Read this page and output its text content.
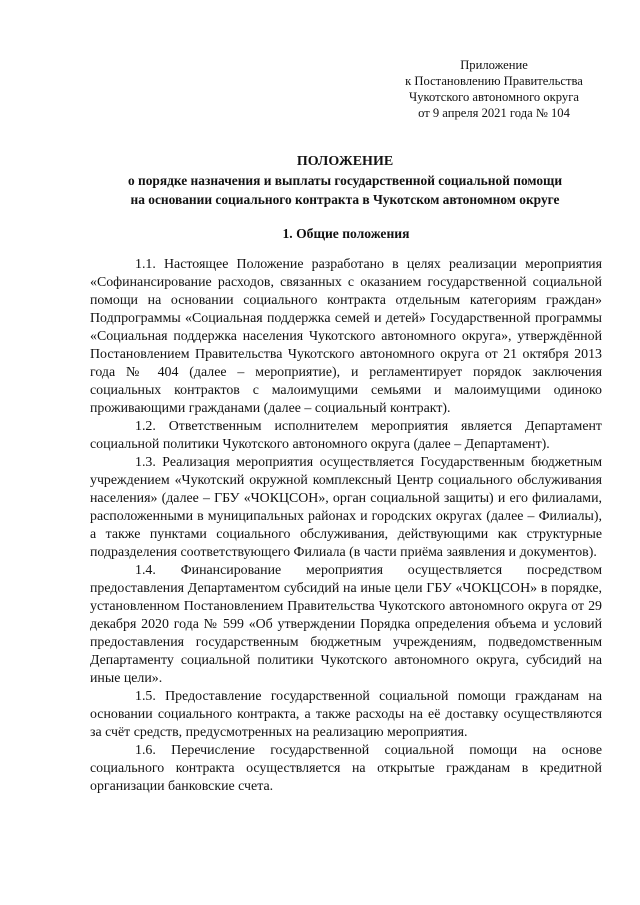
Приложение
к Постановлению Правительства
Чукотского автономного округа
от 9 апреля 2021 года № 104
ПОЛОЖЕНИЕ
о порядке назначения и выплаты государственной социальной помощи
на основании социального контракта в Чукотском автономном округе
1. Общие положения

1.1. Настоящее Положение разработано в целях реализации мероприятия «Софинансирование расходов, связанных с оказанием государственной социальной помощи на основании социального контракта отдельным категориям граждан» Подпрограммы «Социальная поддержка семей и детей» Государственной программы «Социальная поддержка населения Чукотского автономного округа», утверждённой Постановлением Правительства Чукотского автономного округа от 21 октября 2013 года № 404 (далее – мероприятие), и регламентирует порядок заключения социальных контрактов с малоимущими семьями и малоимущими одиноко проживающими гражданами (далее – социальный контракт).

1.2. Ответственным исполнителем мероприятия является Департамент социальной политики Чукотского автономного округа (далее – Департамент).

1.3. Реализация мероприятия осуществляется Государственным бюджетным учреждением «Чукотский окружной комплексный Центр социального обслуживания населения» (далее – ГБУ «ЧОКЦСОН», орган социальной защиты) и его филиалами, расположенными в муниципальных районах и городских округах (далее – Филиалы), а также пунктами социального обслуживания, действующими как структурные подразделения соответствующего Филиала (в части приёма заявления и документов).

1.4. Финансирование мероприятия осуществляется посредством предоставления Департаментом субсидий на иные цели ГБУ «ЧОКЦСОН» в порядке, установленном Постановлением Правительства Чукотского автономного округа от 29 декабря 2020 года № 599 «Об утверждении Порядка определения объема и условий предоставления государственным бюджетным учреждениям, подведомственным Департаменту социальной политики Чукотского автономного округа, субсидий на иные цели».

1.5. Предоставление государственной социальной помощи гражданам на основании социального контракта, а также расходы на её доставку осуществляются за счёт средств, предусмотренных на реализацию мероприятия.

1.6. Перечисление государственной социальной помощи на основе социального контракта осуществляется на открытые гражданам в кредитной организации банковские счета.
